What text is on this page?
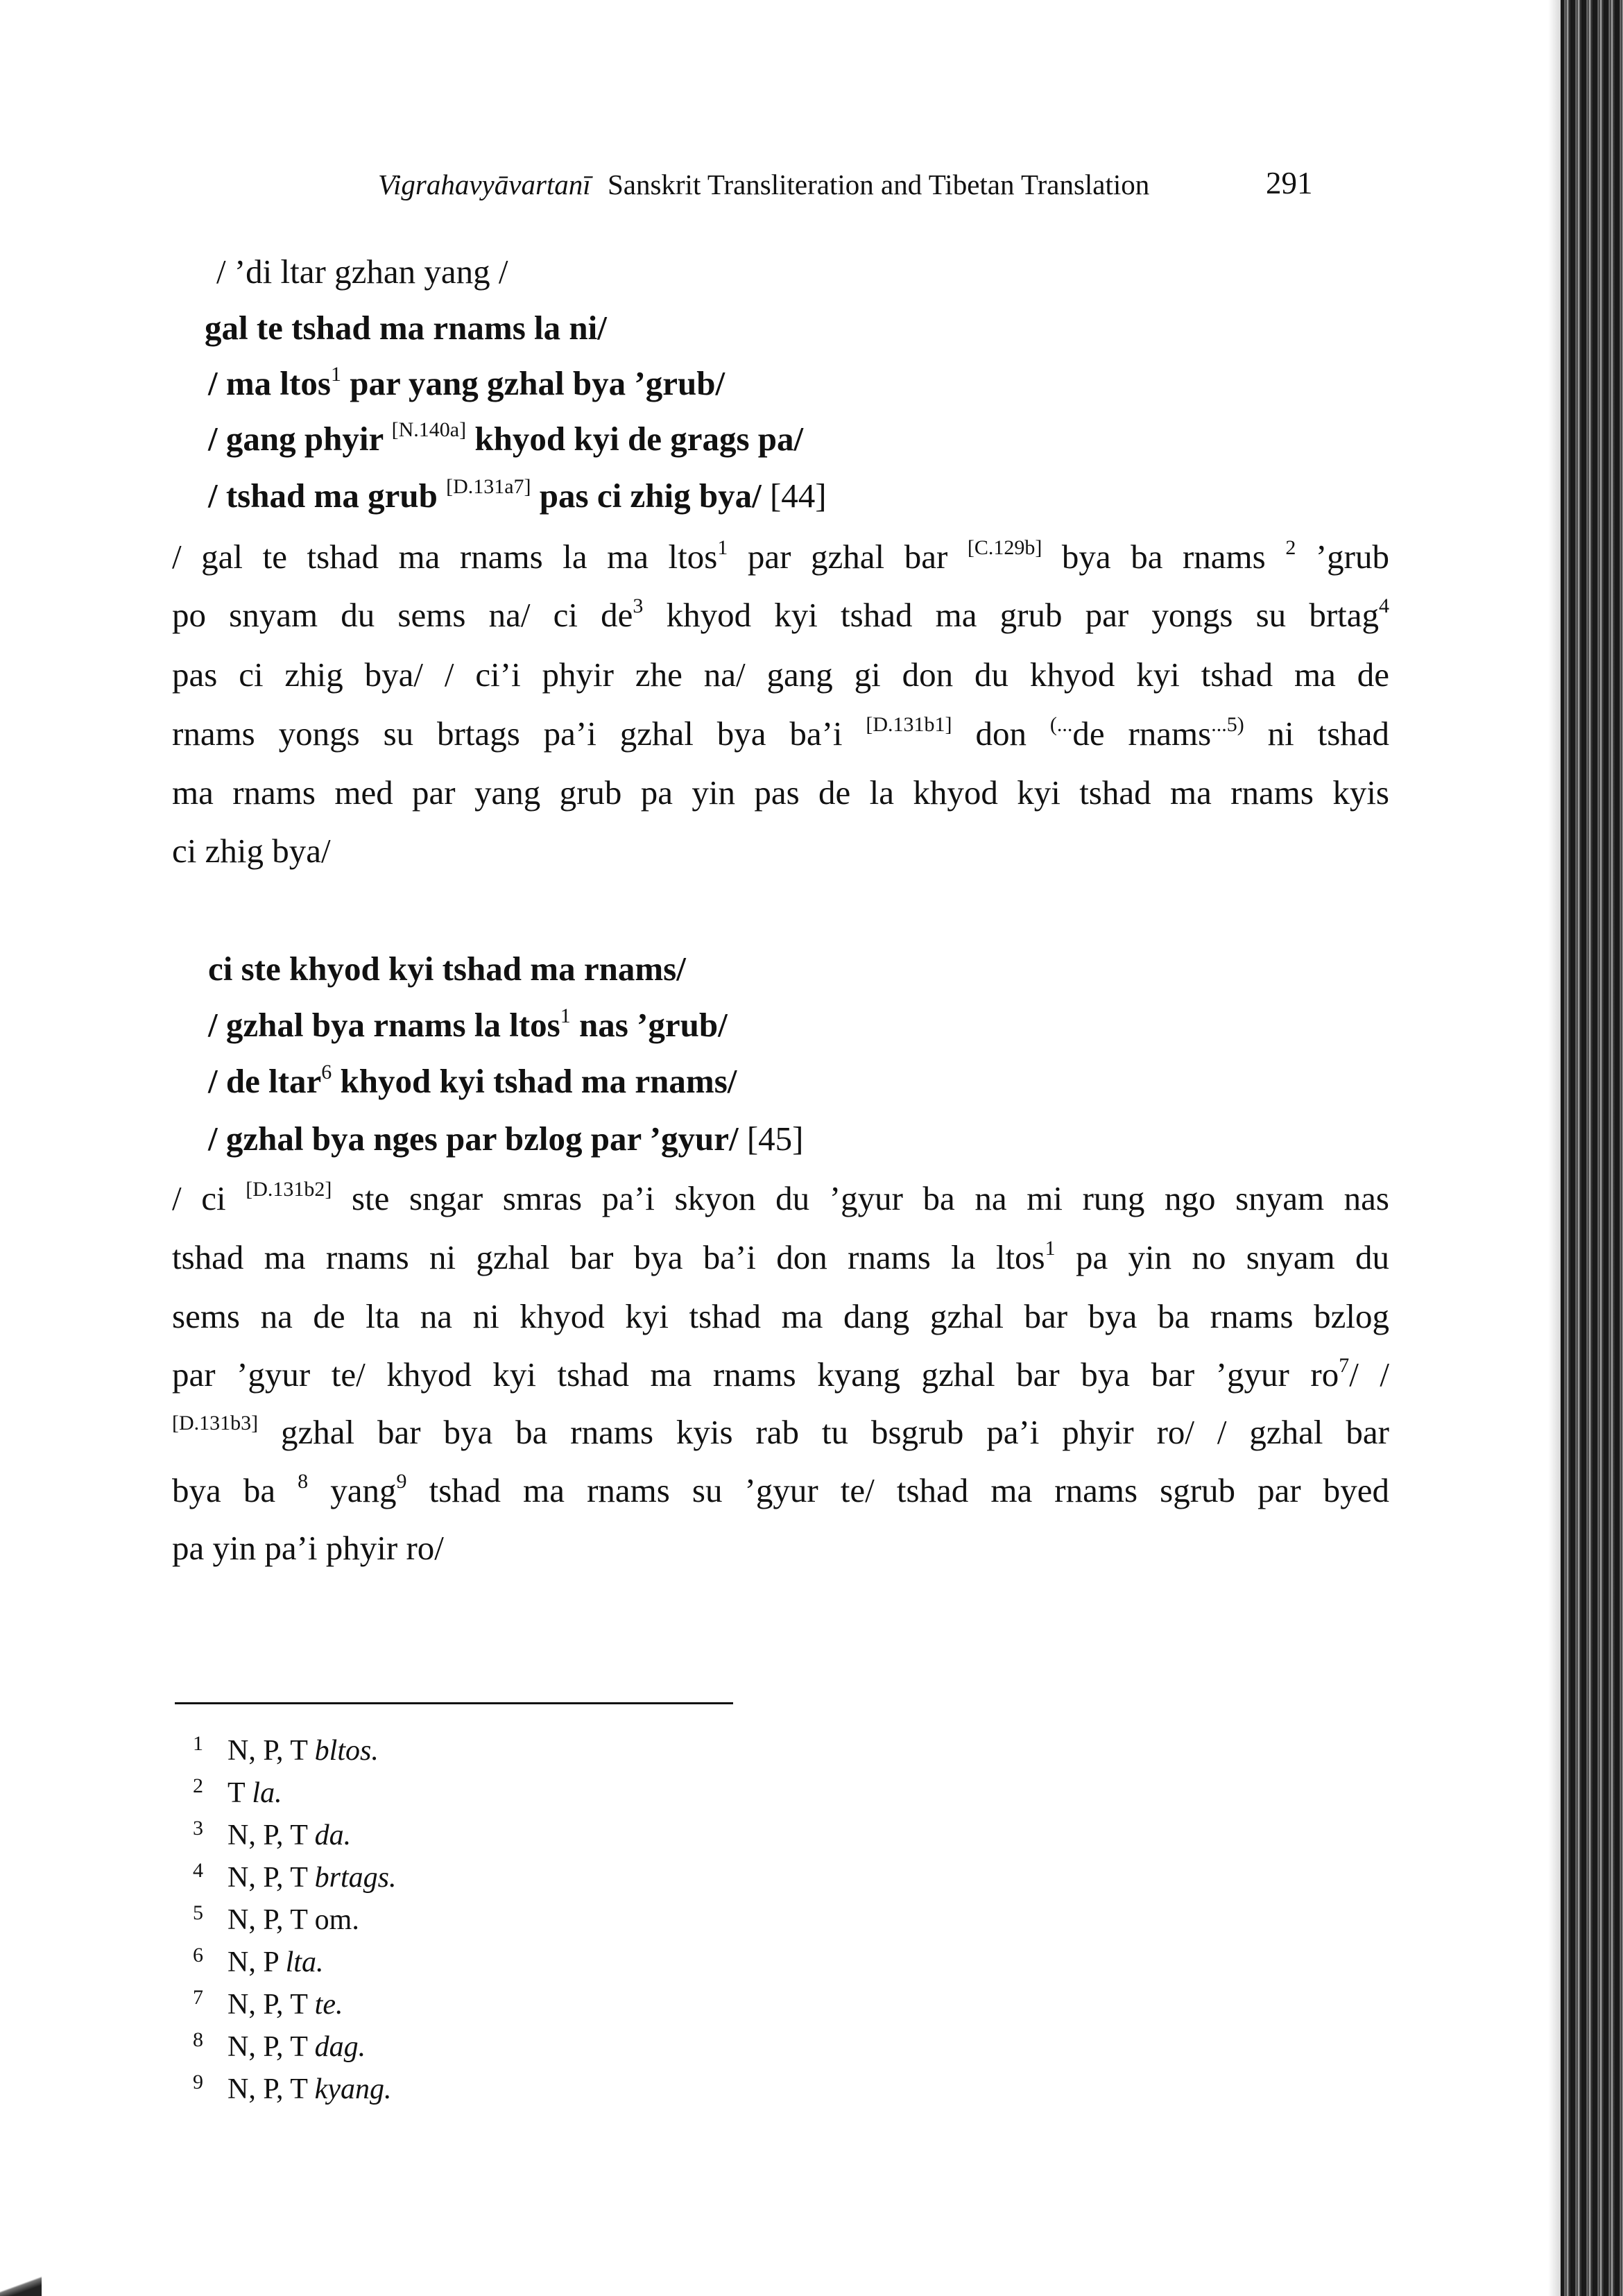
Vigrahavyāvartanī Sanskrit Transliteration and Tibetan Translation	291
/ ’di ltar gzhan yang /
gal te tshad ma rnams la ni/
/ ma ltos$^1$ par yang gzhal bya ’grub/
/ gang phyir [N.140a] khyod kyi de grags pa/
/ tshad ma grub [D.131a7] pas ci zhig bya/ [44]
/ gal te tshad ma rnams la ma ltos$^1$ par gzhal bar [C.129b] bya ba rnams $^2$ ’grub
po snyam du sems na/ ci $de^3$ khyod kyi tshad ma grub par yongs su brtag$^4$
pas ci zhig bya/ / ci’i phyir zhe na/ gang gi don du khyod kyi tshad ma de
rnams yongs su brtags pa’i gzhal bya ba’i [D.131b1] don (...de rnams$^{...5)}$ ni tshad
ma rnams med par yang grub pa yin pas de la khyod kyi tshad ma rnams kyis
ci zhig bya/
ci ste khyod kyi tshad ma rnams/
/ gzhal bya rnams la ltos$^1$ nas ’grub/
/ de ltar$^6$ khyod kyi tshad ma rnams/
/ gzhal bya nges par bzlog par ’gyur/ [45]
/ ci [D.131b2] ste sngar smras pa’i skyon du ’gyur ba na mi rung ngo snyam nas
tshad ma rnams ni gzhal bar bya ba’i don rnams la ltos$^1$ pa yin no snyam du
sems na de lta na ni khyod kyi tshad ma dang gzhal bar bya ba rnams bzlog
par ’gyur te/ khyod kyi tshad ma rnams kyang gzhal bar bya bar ’gyur $ro^7/$ /
[D.131b3] gzhal bar bya ba rnams kyis rab tu bsgrub pa’i phyir ro/ / gzhal bar
bya ba $^8$ yang$^9$ tshad ma rnams su ’gyur te/ tshad ma rnams sgrub par byed
pa yin pa’i phyir ro/
1 N, P, T bltos.
2 T la.
3 N, P, T da.
4 N, P, T brtags.
5 N, P, T om.
6 N, P lta.
7 N, P, T te.
8 N, P, T dag.
9 N, P, T kyang.
